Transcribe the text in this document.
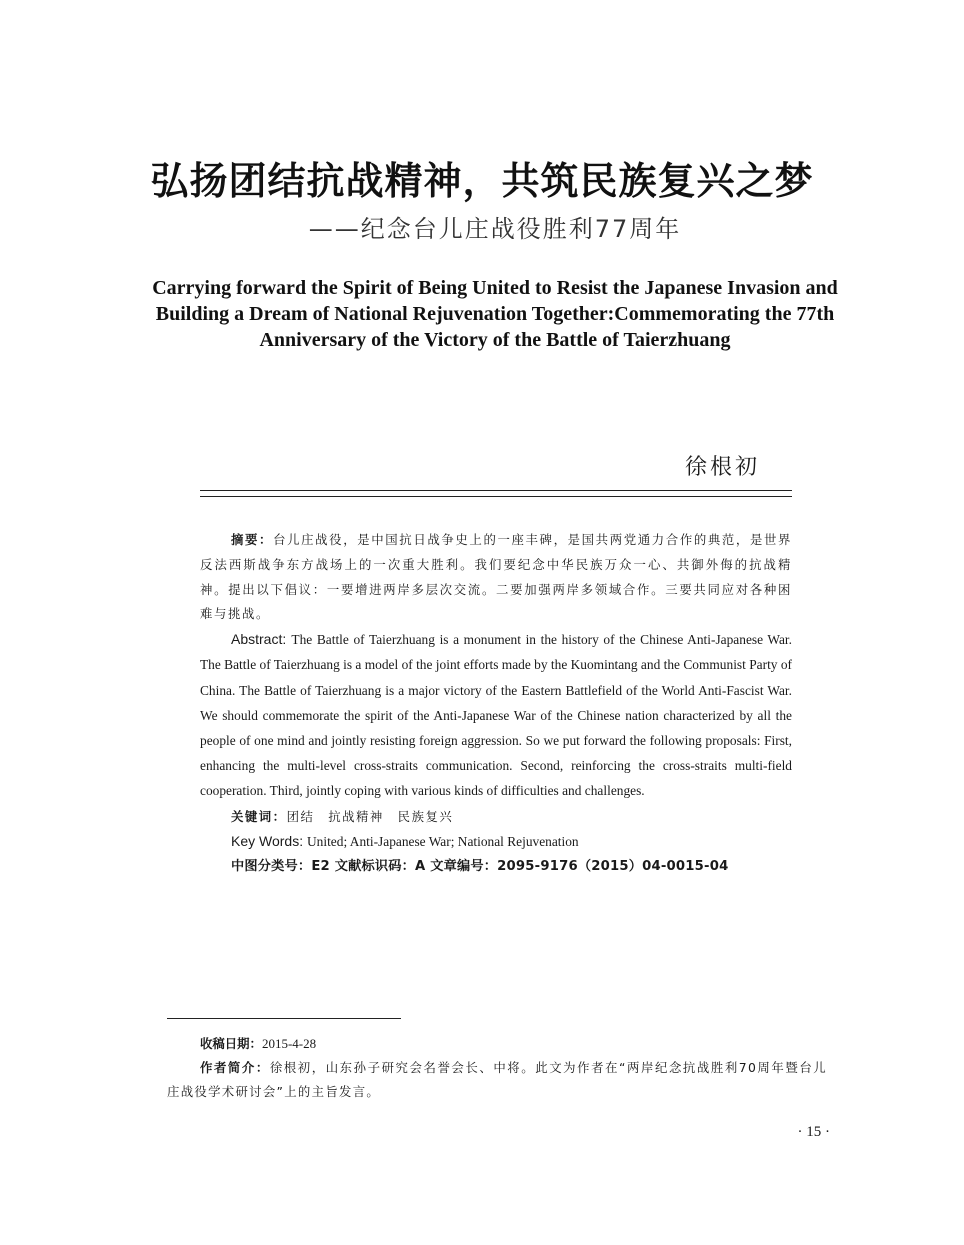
弘扬团结抗战精神，共筑民族复兴之梦
——纪念台儿庄战役胜利77周年
Carrying forward the Spirit of Being United to Resist the Japanese Invasion and Building a Dream of National Rejuvenation Together:Commemorating the 77th Anniversary of the Victory of the Battle of Taierzhuang
徐根初

摘要：台儿庄战役，是中国抗日战争史上的一座丰碑，是国共两党通力合作的典范，是世界反法西斯战争东方战场上的一次重大胜利。我们要纪念中华民族万众一心、共御外侮的抗战精神。提出以下倡议：一要增进两岸多层次交流。二要加强两岸多领域合作。三要共同应对各种困难与挑战。

Abstract: The Battle of Taierzhuang is a monument in the history of the Chinese Anti-Japanese War. The Battle of Taierzhuang is a model of the joint efforts made by the Kuomintang and the Communist Party of China. The Battle of Taierzhuang is a major victory of the Eastern Battlefield of the World Anti-Fascist War. We should commemorate the spirit of the Anti-Japanese War of the Chinese nation characterized by all the people of one mind and jointly resisting foreign aggression. So we put forward the following proposals: First, enhancing the multi-level cross-straits communication. Second, reinforcing the cross-straits multi-field cooperation. Third, jointly coping with various kinds of difficulties and challenges.

关键词：团结　抗战精神　民族复兴

Key Words: United; Anti-Japanese War; National Rejuvenation

中图分类号：E2 文献标识码：A 文章编号：2095-9176（2015）04-0015-04

收稿日期：2015-4-28

作者简介：徐根初，山东孙子研究会名誉会长、中将。此文为作者在“两岸纪念抗战胜利70周年暨台儿庄战役学术研讨会”上的主旨发言。

· 15 ·
